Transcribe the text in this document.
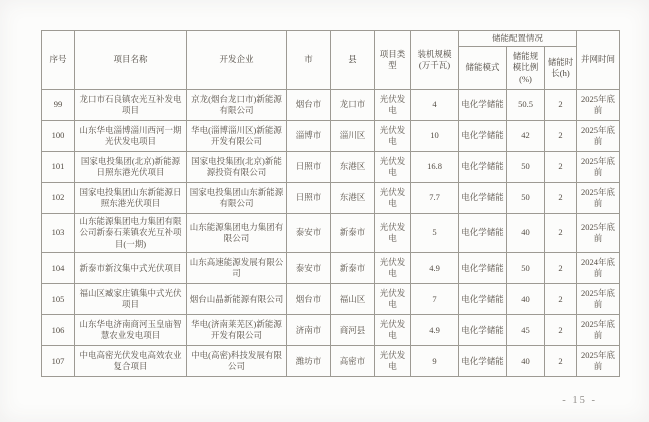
序号	项目名称	开发企业	市	县	项目类型	装机规模(万千瓦)	储能配置情况			并网时间
							储能模式	储能规模比例(%)	储能时长(h)	
99	龙口市石良镇农光互补发电项目	京龙(烟台龙口市)新能源有限公司	烟台市	龙口市	光伏发电	4	电化学储能	50.5	2	2025年底前
100	山东华电淄博淄川西河一期光伏发电项目	华电(淄博淄川区)新能源开发有限公司	淄博市	淄川区	光伏发电	10	电化学储能	42	2	2025年底前
101	国家电投集团(北京)新能源日照东港光伏项目	国家电投集团(北京)新能源投资有限公司	日照市	东港区	光伏发电	16.8	电化学储能	50	2	2025年底前
102	国家电投集团山东新能源日照东港光伏项目	国家电投集团山东新能源有限公司	日照市	东港区	光伏发电	7.7	电化学储能	50	2	2025年底前
103	山东能源集团电力集团有限公司新泰石莱镇农光互补项目(一期)	山东能源集团电力集团有限公司	泰安市	新泰市	光伏发电	5	电化学储能	40	2	2025年底前
104	新泰市新汶集中式光伏项目	山东高速能源发展有限公司	泰安市	新泰市	光伏发电	4.9	电化学储能	50	2	2024年底前
105	福山区臧家庄镇集中式光伏项目	烟台山晶新能源有限公司	烟台市	福山区	光伏发电	7	电化学储能	40	2	2025年底前
106	山东华电济南商河玉皇庙智慧农业发电项目	华电(济南莱芜区)新能源开发有限公司	济南市	商河县	光伏发电	4.9	电化学储能	45	2	2025年底前
107	中电高密光伏发电高效农业复合项目	中电(高密)科技发展有限公司	潍坊市	高密市	光伏发电	9	电化学储能	40	2	2025年底前
- 15 -
